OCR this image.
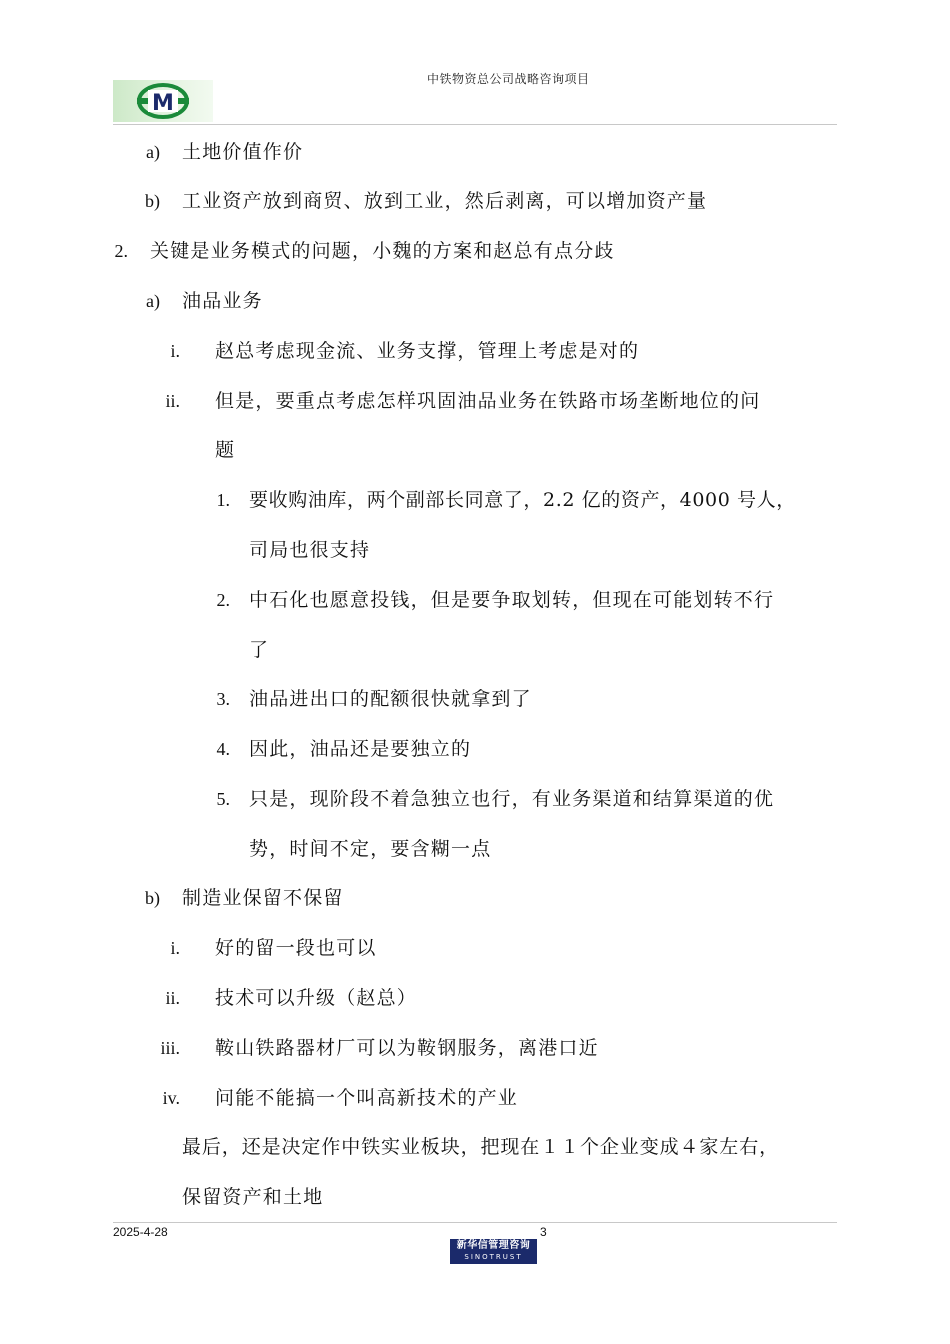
M
中铁物资总公司战略咨询项目
a) 土地价值作价
b) 工业资产放到商贸、放到工业，然后剥离，可以增加资产量
2. 关键是业务模式的问题，小魏的方案和赵总有点分歧
a) 油品业务
i. 赵总考虑现金流、业务支撑，管理上考虑是对的
ii. 但是，要重点考虑怎样巩固油品业务在铁路市场垄断地位的问
题
1. 要收购油库，两个副部长同意了，2.2 亿的资产，4000 号人，
司局也很支持
2. 中石化也愿意投钱，但是要争取划转，但现在可能划转不行
了
3. 油品进出口的配额很快就拿到了
4. 因此，油品还是要独立的
5. 只是，现阶段不着急独立也行，有业务渠道和结算渠道的优
势，时间不定，要含糊一点
b) 制造业保留不保留
i. 好的留一段也可以
ii. 技术可以升级（赵总）
iii. 鞍山铁路器材厂可以为鞍钢服务，离港口近
iv. 问能不能搞一个叫高新技术的产业
最后，还是决定作中铁实业板块，把现在１１个企业变成４家左右，
保留资产和土地
2025-4-28	3
新华信管理咨询
SINOTRUST
